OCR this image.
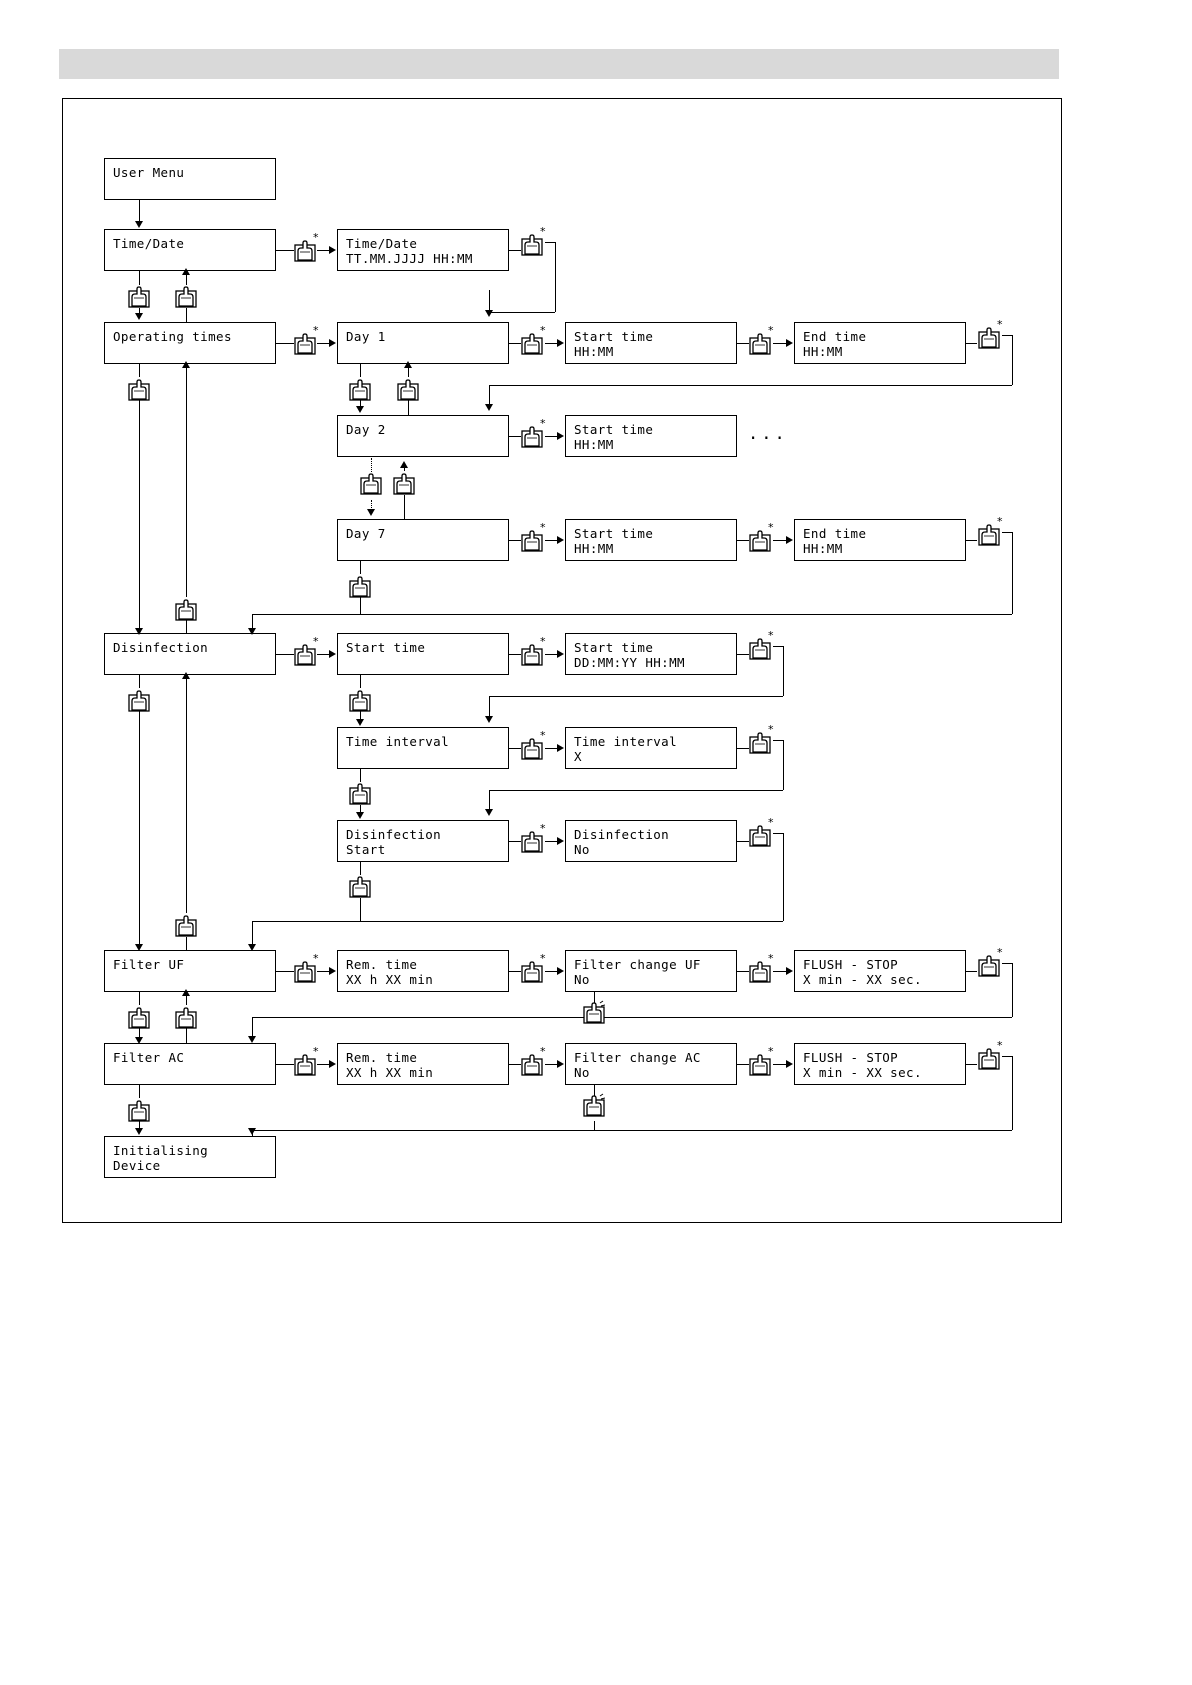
User Menu
Time/Date	Time/Date
TT.MM.JJJJ HH:MM
Operating times	Day 1	Start time
HH:MM
End time
HH:MM
Day 2	Start time
HH:MM
...
Day 7	Start time
HH:MM
End time
HH:MM
Disinfection	Start time	Start time
DD:MM:YY HH:MM
Time interval	Time interval
X
Disinfection
Start
Disinfection
No
Filter UF	Rem. time
XX h XX min
Filter change UF
No
FLUSH - STOP
X min - XX sec.
Filter AC	Rem. time
XX h XX min
Filter change AC
No
FLUSH - STOP
X min - XX sec.
Initialising
Device
*	*
*	*	*	*
*
*	*	*
*	*	*
*	*
*	*
*	*	*	*
*	*	*	*
